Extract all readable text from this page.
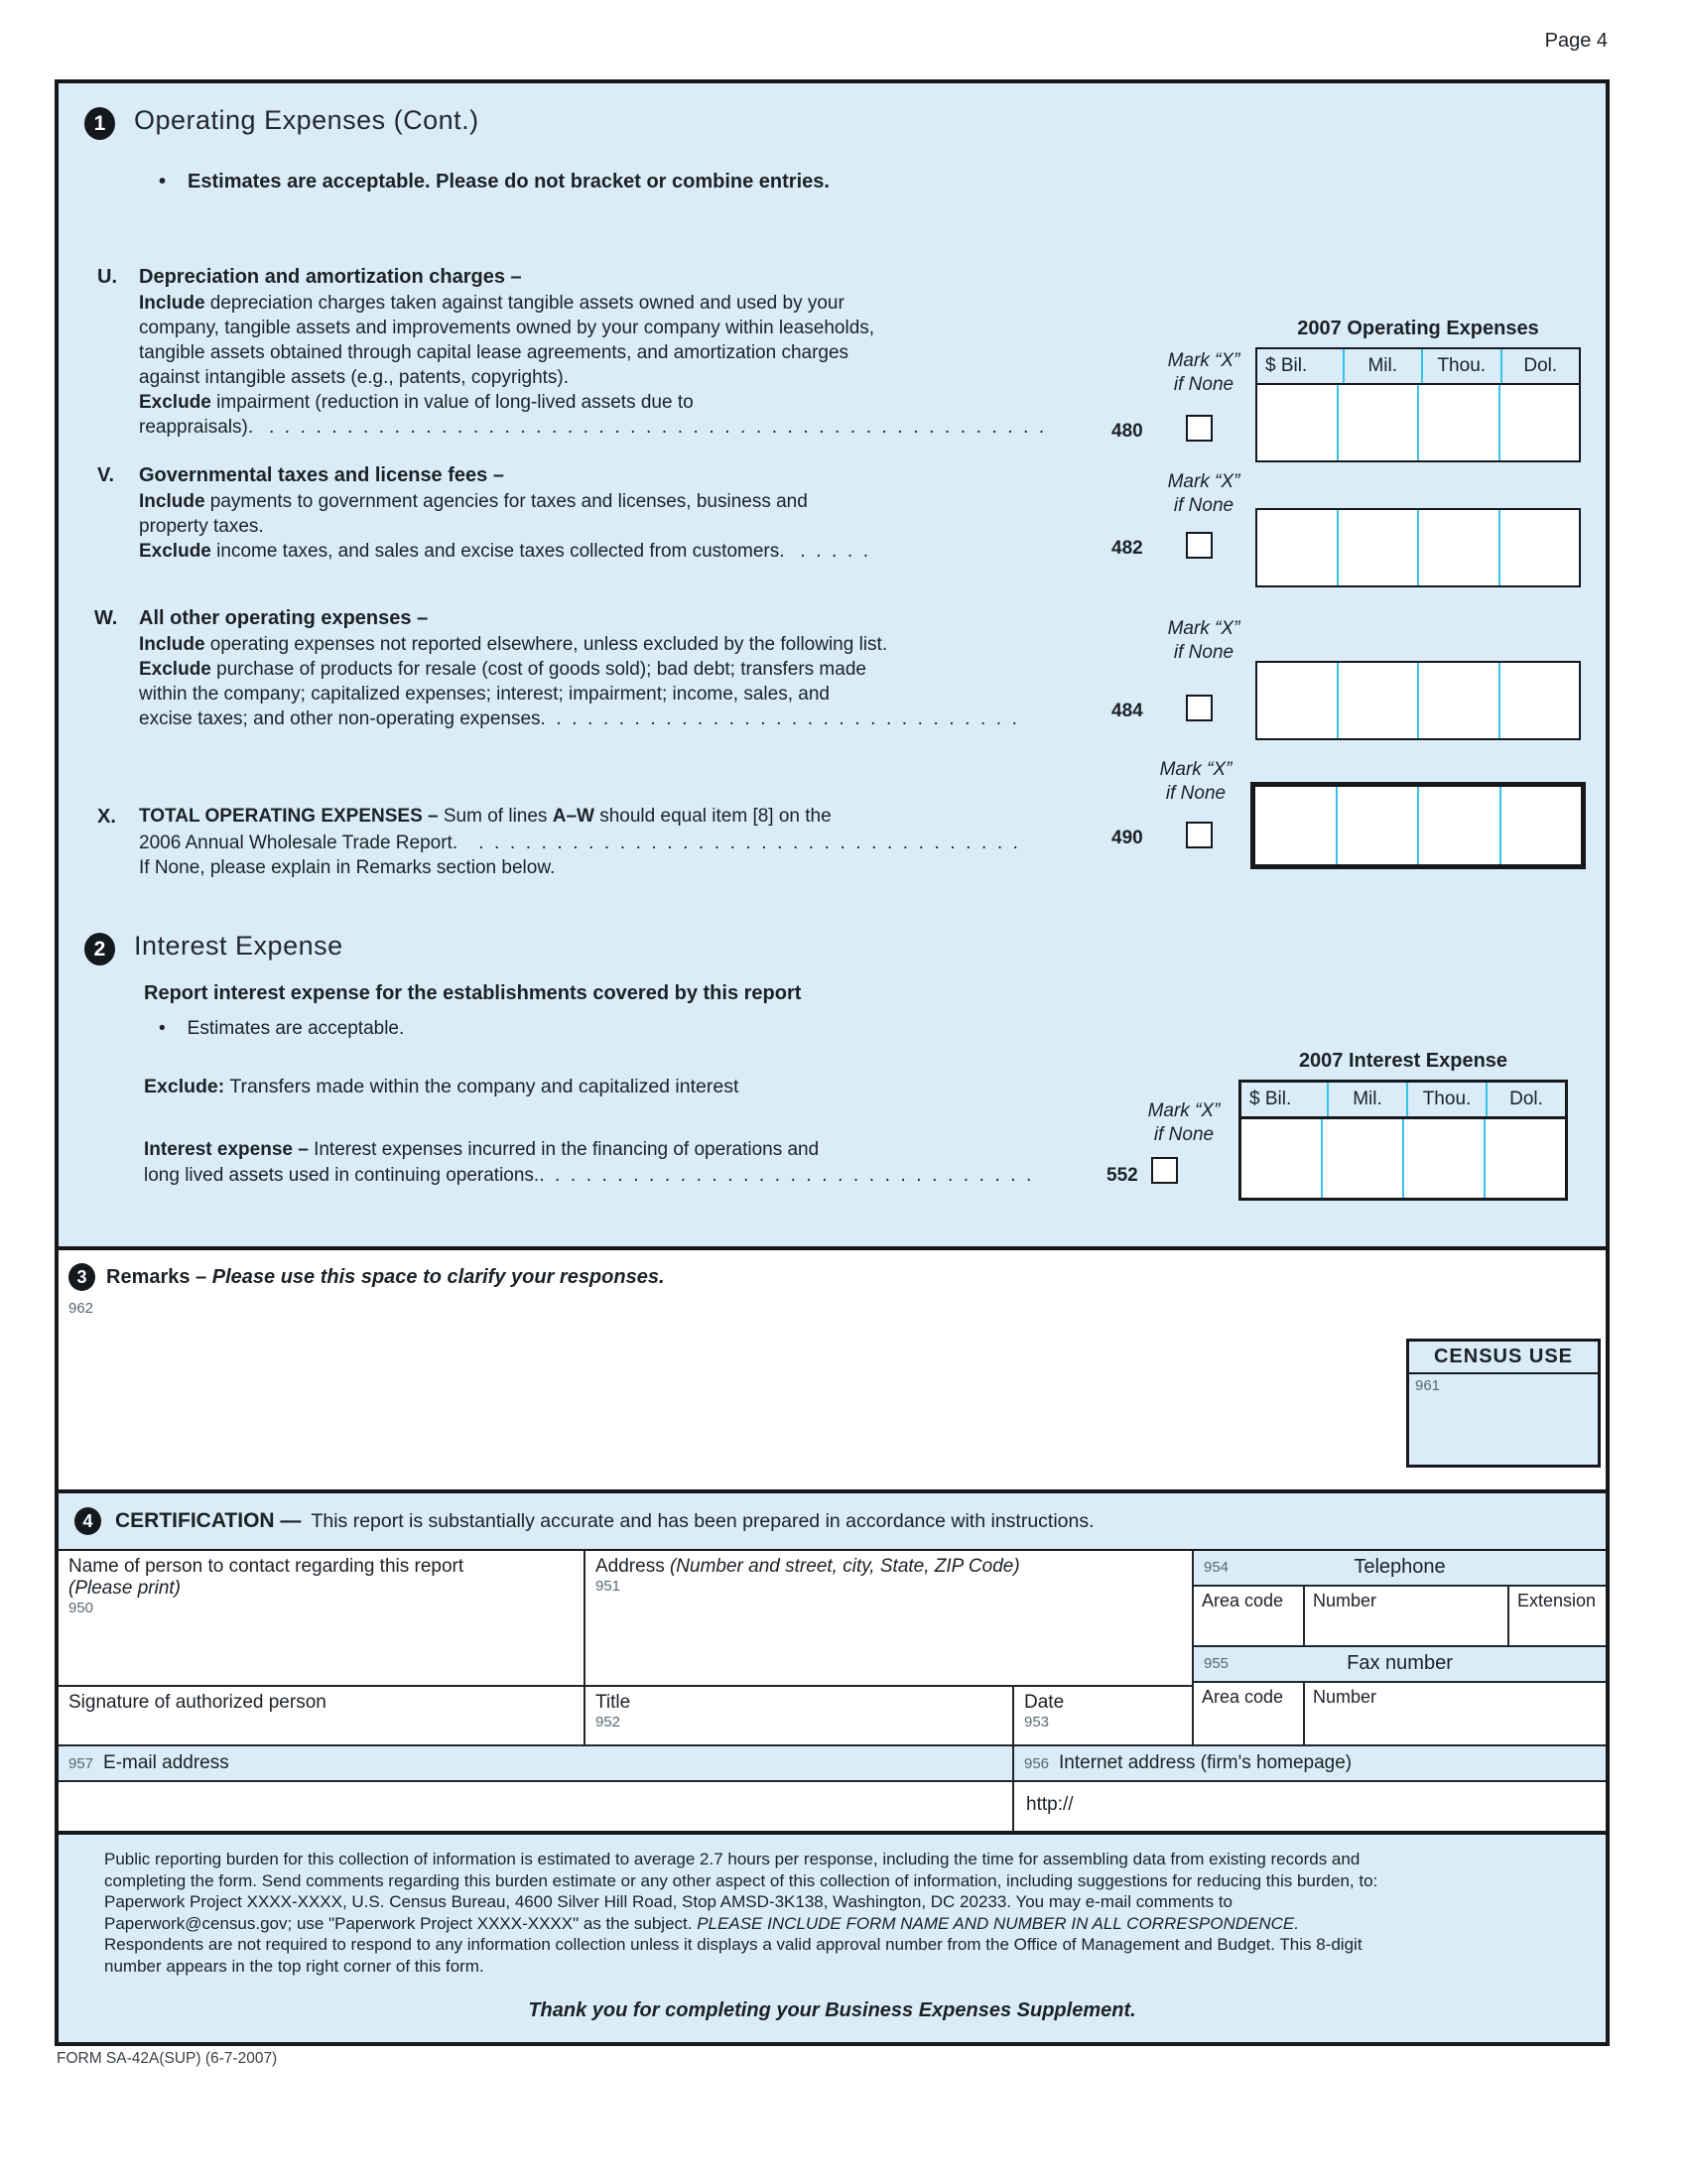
Page 4
1	Operating Expenses (Cont.)
• Estimates are acceptable. Please do not bracket or combine entries.
U. Depreciation and amortization charges –
Include depreciation charges taken against tangible assets owned and used by your
company, tangible assets and improvements owned by your company within leaseholds,
tangible assets obtained through capital lease agreements, and amortization charges
against intangible assets (e.g., patents, copyrights).
Exclude impairment (reduction in value of long-lived assets due to
reappraisals).   .  .  .  .  .  .  .  .  .  .  .  .  .  .  .  .  .  .  .  .  .  .  .  .  .  .  .  .  .  .  .  .  .  .  .  .  .  .  .  .  .  .  .  .  .  .  .  .  .  .
Mark “X”
if None
480
2007 Operating Expenses
$ Bil.	Mil.	Thou.	Dol.
V. Governmental taxes and license fees –
Include payments to government agencies for taxes and licenses, business and
property taxes.
Exclude income taxes, and sales and excise taxes collected from customers.   .  .  .  .  .
Mark “X”
if None
482
W. All other operating expenses –
Include operating expenses not reported elsewhere, unless excluded by the following list.
Exclude purchase of products for resale (cost of goods sold); bad debt; transfers made
within the company; capitalized expenses; interest; impairment; income, sales, and
excise taxes; and other non-operating expenses.  .  .  .  .  .  .  .  .  .  .  .  .  .  .  .  .  .  .  .  .  .  .  .  .  .  .  .  .  .  .
Mark “X”
if None
484
X. TOTAL OPERATING EXPENSES – Sum of lines A–W should equal item [8] on the
2006 Annual Wholesale Trade Report.    .  .  .  .  .  .  .  .  .  .  .  .  .  .  .  .  .  .  .  .  .  .  .  .  .  .  .  .  .  .  .  .  .  .  .
If None, please explain in Remarks section below.
Mark “X”
if None
490
2	Interest Expense
Report interest expense for the establishments covered by this report
• Estimates are acceptable.
Exclude: Transfers made within the company and capitalized interest
Interest expense – Interest expenses incurred in the financing of operations and
long lived assets used in continuing operations..  .  .  .  .  .  .  .  .  .  .  .  .  .  .  .  .  .  .  .  .  .  .  .  .  .  .  .  .  .  .  .
Mark “X”
if None
552
2007 Interest Expense
$ Bil.	Mil.	Thou.	Dol.
3 Remarks – Please use this space to clarify your responses.
962
CENSUS USE
961
4	CERTIFICATION — This report is substantially accurate and has been prepared in accordance with instructions.
Name of person to contact regarding this report
(Please print)
950
Address (Number and street, city, State, ZIP Code)
951
954	Telephone
Area code	Number	Extension
955	Fax number
Area code	Number
Signature of authorized person	Title
952
Date
953
957 E-mail address	956 Internet address (firm's homepage)
http://
Public reporting burden for this collection of information is estimated to average 2.7 hours per response, including the time for assembling data from existing records and
completing the form. Send comments regarding this burden estimate or any other aspect of this collection of information, including suggestions for reducing this burden, to:
Paperwork Project XXXX-XXXX, U.S. Census Bureau, 4600 Silver Hill Road, Stop AMSD-3K138, Washington, DC 20233. You may e-mail comments to
Paperwork@census.gov; use "Paperwork Project XXXX-XXXX" as the subject. PLEASE INCLUDE FORM NAME AND NUMBER IN ALL CORRESPONDENCE.
Respondents are not required to respond to any information collection unless it displays a valid approval number from the Office of Management and Budget. This 8-digit
number appears in the top right corner of this form.
Thank you for completing your Business Expenses Supplement.
FORM SA-42A(SUP) (6-7-2007)
